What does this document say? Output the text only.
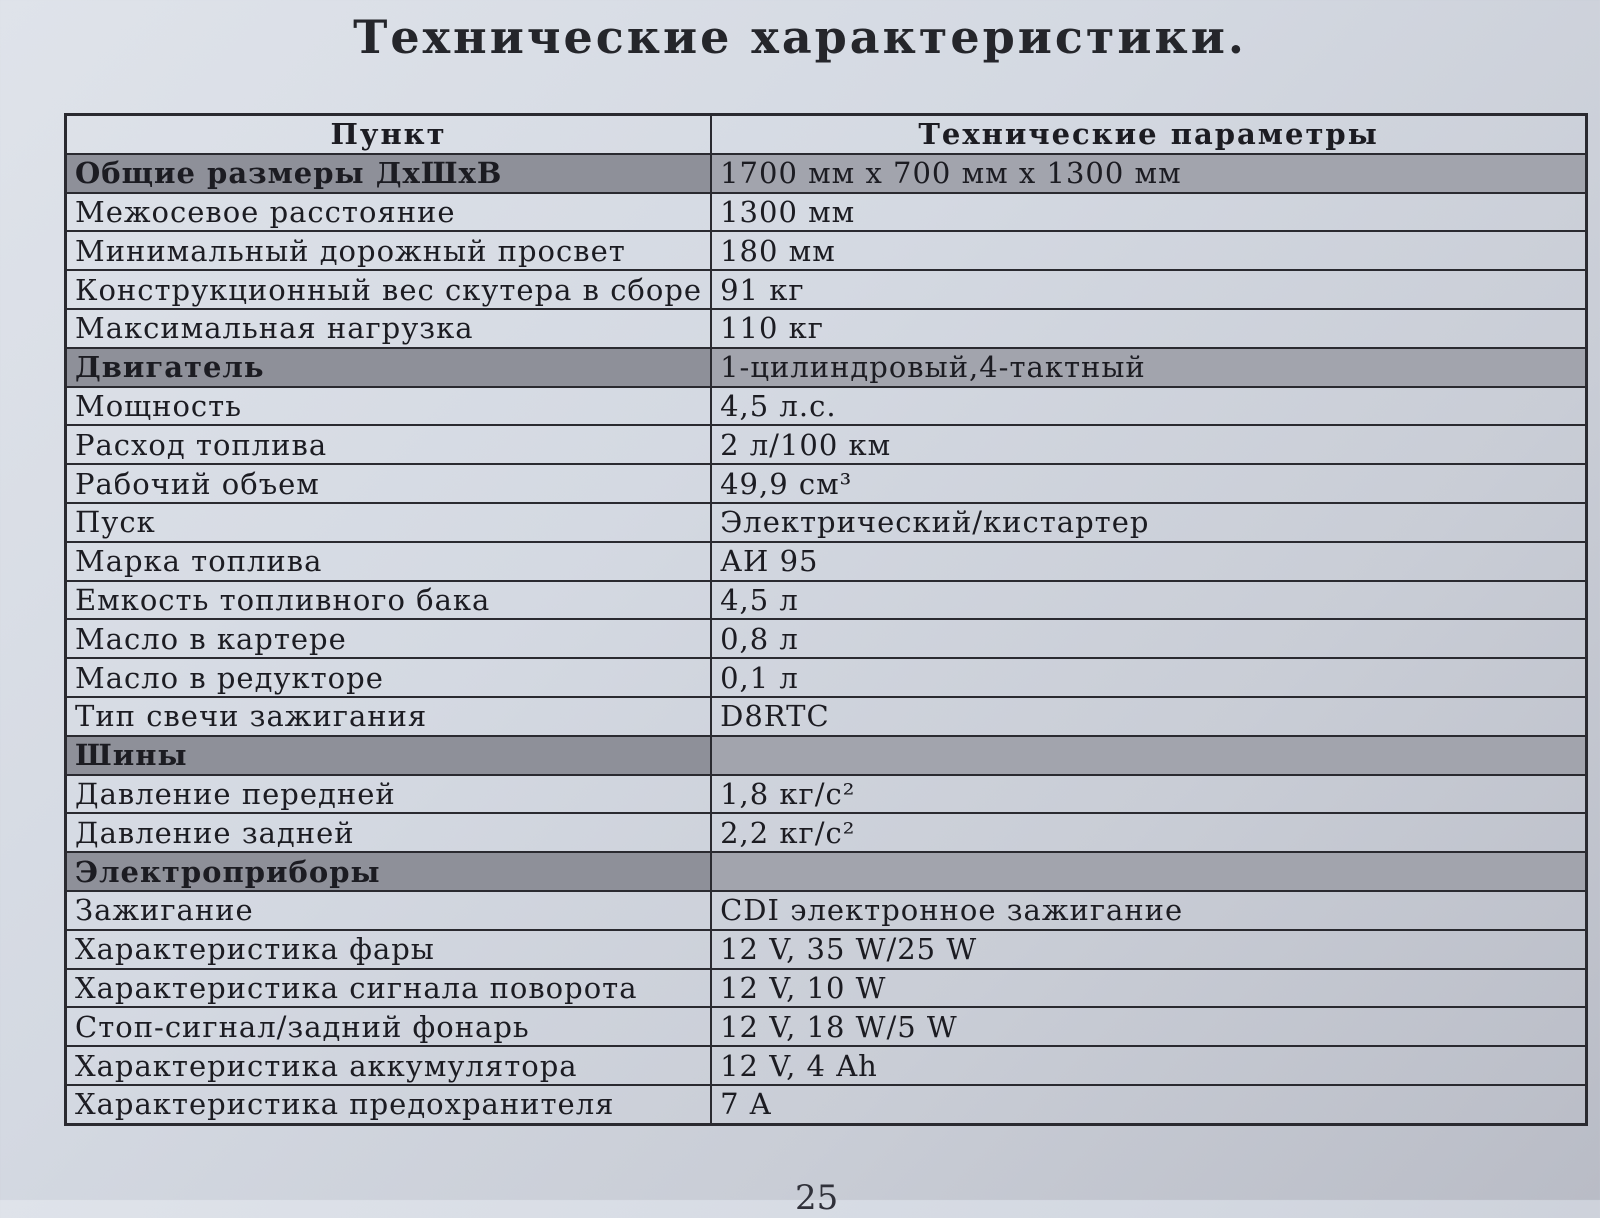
Технические характеристики.
Пункт	Технические параметры
Общие размеры ДхШхВ	1700 мм х 700 мм х 1300 мм
Межосевое расстояние	1300 мм
Минимальный дорожный просвет	180 мм
Конструкционный вес скутера в сборе	91 кг
Максимальная нагрузка	110 кг
Двигатель	1-цилиндровый,4-тактный
Мощность	4,5 л.с.
Расход топлива	2 л/100 км
Рабочий объем	49,9 см³
Пуск	Электрический/кистартер
Марка топлива	АИ 95
Емкость топливного бака	4,5 л
Масло в картере	0,8 л
Масло в редукторе	0,1 л
Тип свечи зажигания	D8RTC
Шины	
Давление передней	1,8 кг/с²
Давление задней	2,2 кг/с²
Электроприборы	
Зажигание	CDI электронное зажигание
Характеристика фары	12 V, 35 W/25 W
Характеристика сигнала поворота	12 V, 10 W
Стоп-сигнал/задний фонарь	12 V, 18 W/5 W
Характеристика аккумулятора	12 V, 4 Ah
Характеристика предохранителя	7 A
25
